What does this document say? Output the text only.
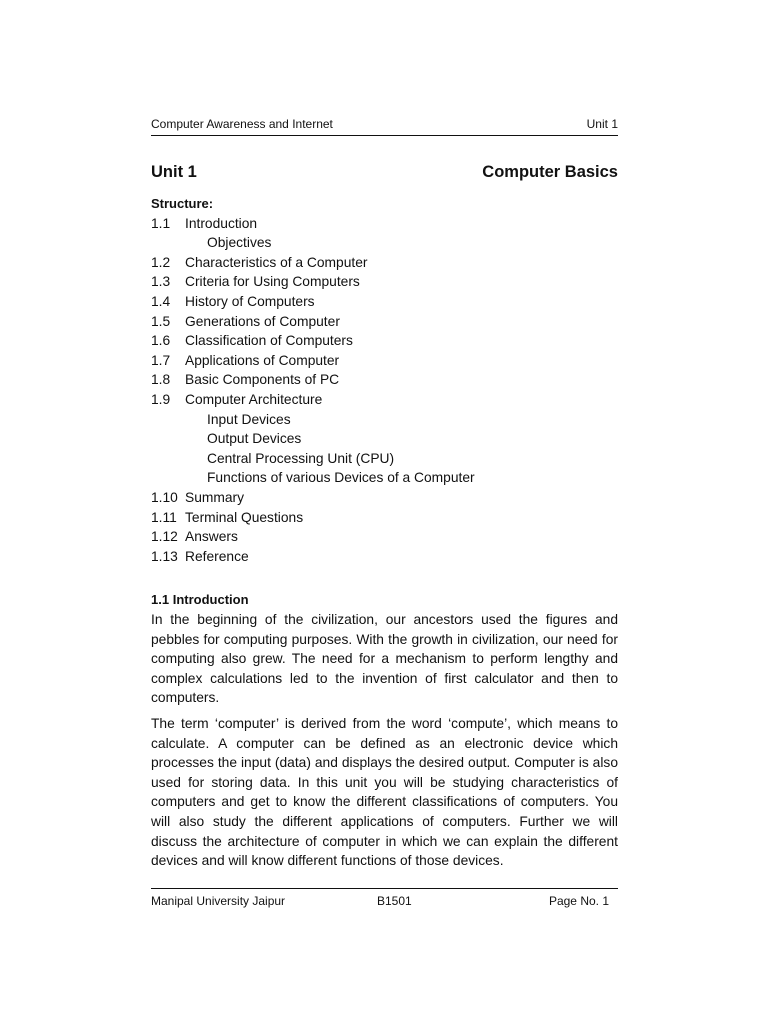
Computer Awareness and Internet	Unit 1
Unit 1	Computer Basics
Structure:
1.1 Introduction
Objectives
1.2 Characteristics of a Computer
1.3 Criteria for Using Computers
1.4 History of Computers
1.5 Generations of Computer
1.6 Classification of Computers
1.7 Applications of Computer
1.8 Basic Components of PC
1.9 Computer Architecture
Input Devices
Output Devices
Central Processing Unit (CPU)
Functions of various Devices of a Computer
1.10 Summary
1.11 Terminal Questions
1.12 Answers
1.13 Reference
1.1 Introduction

In the beginning of the civilization, our ancestors used the figures and pebbles for computing purposes. With the growth in civilization, our need for computing also grew. The need for a mechanism to perform lengthy and complex calculations led to the invention of first calculator and then to computers.

The term ‘computer’ is derived from the word ‘compute’, which means to calculate. A computer can be defined as an electronic device which processes the input (data) and displays the desired output. Computer is also used for storing data. In this unit you will be studying characteristics of computers and get to know the different classifications of computers. You will also study the different applications of computers. Further we will discuss the architecture of computer in which we can explain the different devices and will know different functions of those devices.

Manipal University Jaipur	B1501	Page No. 1
